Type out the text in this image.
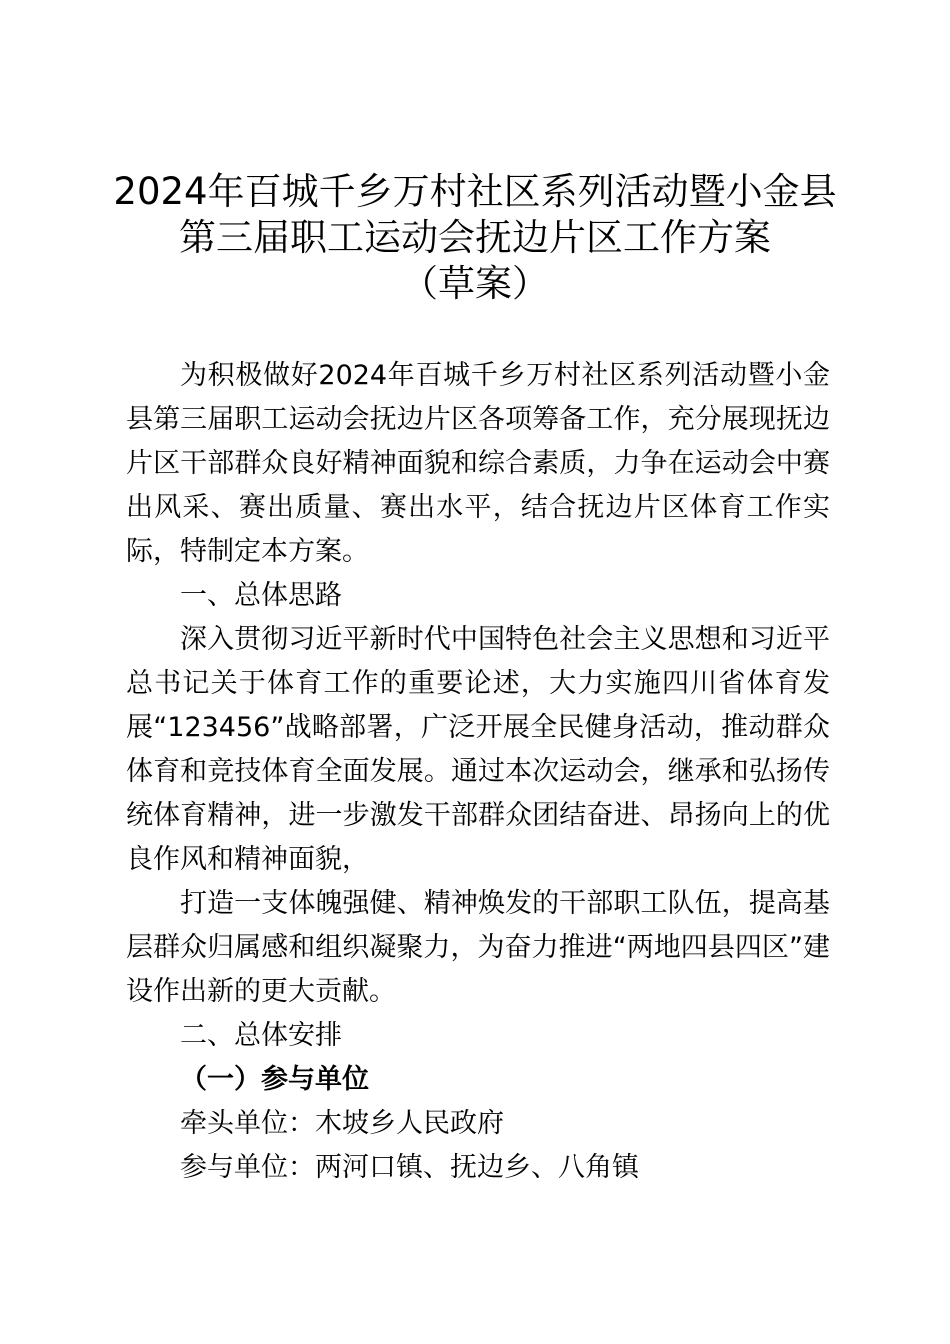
2024年百城千乡万村社区系列活动暨小金县
第三届职工运动会抚边片区工作方案
（草案）

为积极做好2024年百城千乡万村社区系列活动暨小金县第三届职工运动会抚边片区各项筹备工作，充分展现抚边片区干部群众良好精神面貌和综合素质，力争在运动会中赛出风采、赛出质量、赛出水平，结合抚边片区体育工作实际，特制定本方案。

一、总体思路

深入贯彻习近平新时代中国特色社会主义思想和习近平总书记关于体育工作的重要论述，大力实施四川省体育发展“123456”战略部署，广泛开展全民健身活动，推动群众体育和竞技体育全面发展。通过本次运动会，继承和弘扬传统体育精神，进一步激发干部群众团结奋进、昂扬向上的优良作风和精神面貌，

打造一支体魄强健、精神焕发的干部职工队伍，提高基层群众归属感和组织凝聚力，为奋力推进“两地四县四区”建设作出新的更大贡献。

二、总体安排

（一）参与单位

牵头单位：木坡乡人民政府

参与单位：两河口镇、抚边乡、八角镇
